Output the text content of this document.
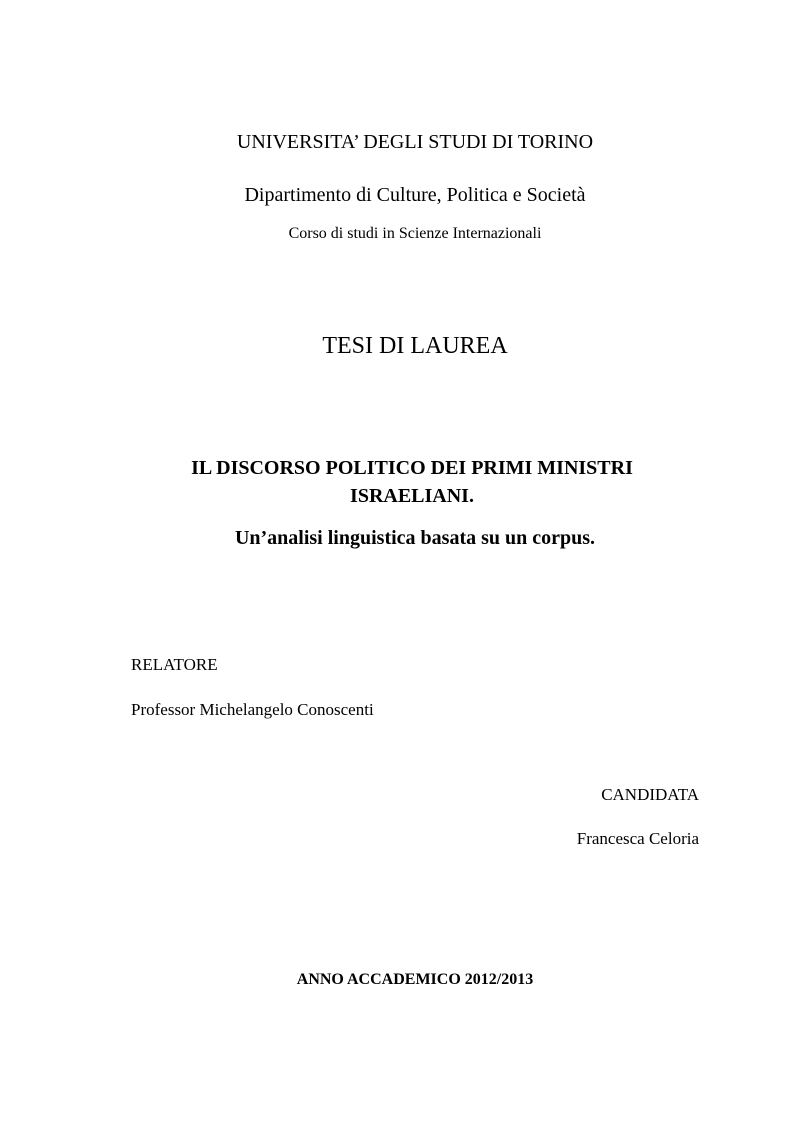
UNIVERSITA’ DEGLI STUDI DI TORINO
Dipartimento di Culture, Politica e Società
Corso di studi in Scienze Internazionali
TESI DI LAUREA
IL DISCORSO POLITICO DEI PRIMI MINISTRI
ISRAELIANI.
Un’analisi linguistica basata su un corpus.
RELATORE
Professor Michelangelo Conoscenti
CANDIDATA
Francesca Celoria
ANNO ACCADEMICO 2012/2013
